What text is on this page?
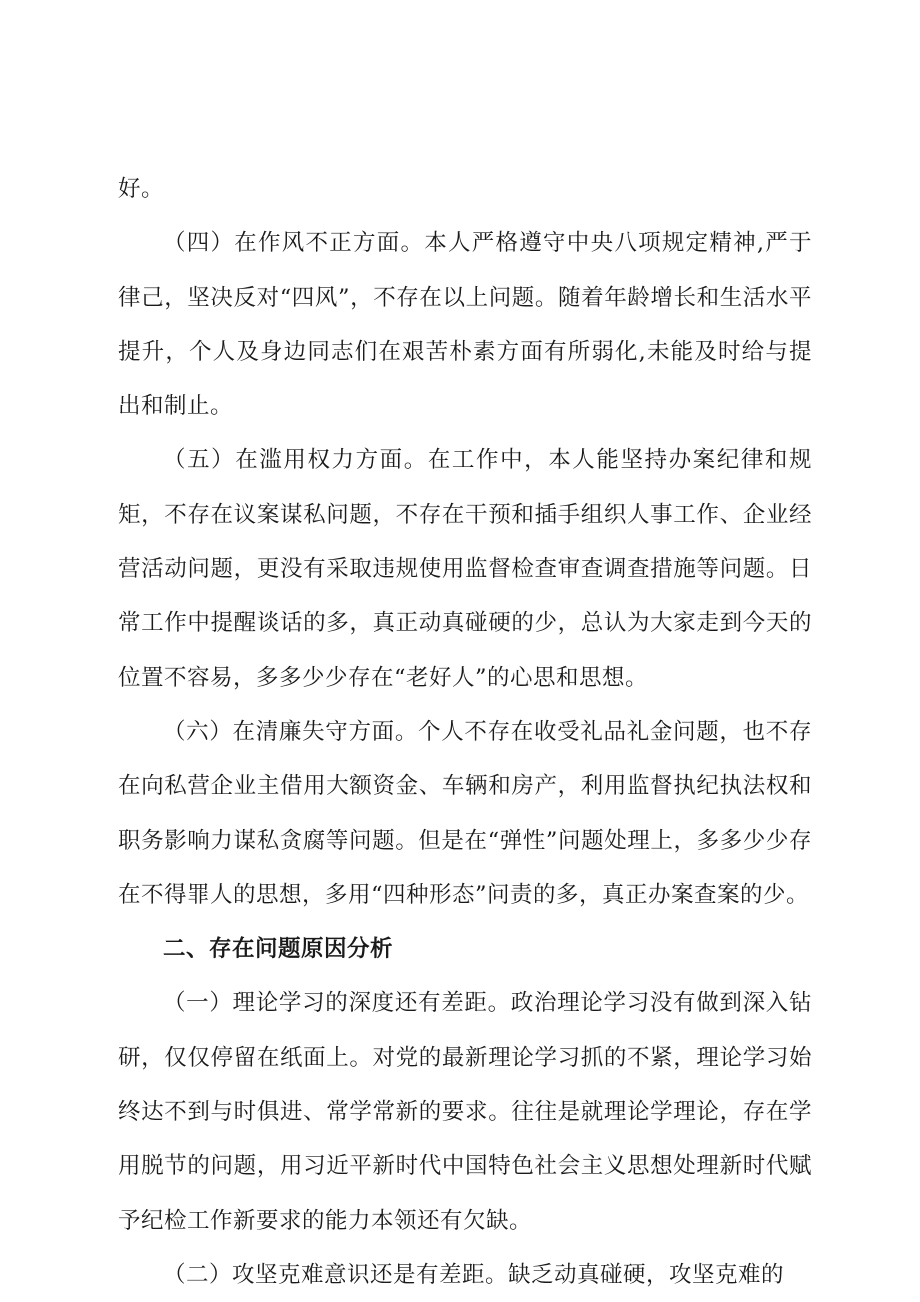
好。

（四）在作风不正方面。本人严格遵守中央八项规定精神,严于律己，坚决反对“四风”，不存在以上问题。随着年龄增长和生活水平提升，个人及身边同志们在艰苦朴素方面有所弱化,未能及时给与提出和制止。

（五）在滥用权力方面。在工作中，本人能坚持办案纪律和规矩，不存在议案谋私问题，不存在干预和插手组织人事工作、企业经营活动问题，更没有采取违规使用监督检查审查调查措施等问题。日常工作中提醒谈话的多，真正动真碰硬的少，总认为大家走到今天的位置不容易，多多少少存在“老好人”的心思和思想。

（六）在清廉失守方面。个人不存在收受礼品礼金问题，也不存在向私营企业主借用大额资金、车辆和房产，利用监督执纪执法权和职务影响力谋私贪腐等问题。但是在“弹性”问题处理上，多多少少存在不得罪人的思想，多用“四种形态”问责的多，真正办案查案的少。

二、存在问题原因分析

（一）理论学习的深度还有差距。政治理论学习没有做到深入钻研，仅仅停留在纸面上。对党的最新理论学习抓的不紧，理论学习始终达不到与时俱进、常学常新的要求。往往是就理论学理论，存在学用脱节的问题，用习近平新时代中国特色社会主义思想处理新时代赋予纪检工作新要求的能力本领还有欠缺。

（二）攻坚克难意识还是有差距。缺乏动真碰硬，攻坚克难的
